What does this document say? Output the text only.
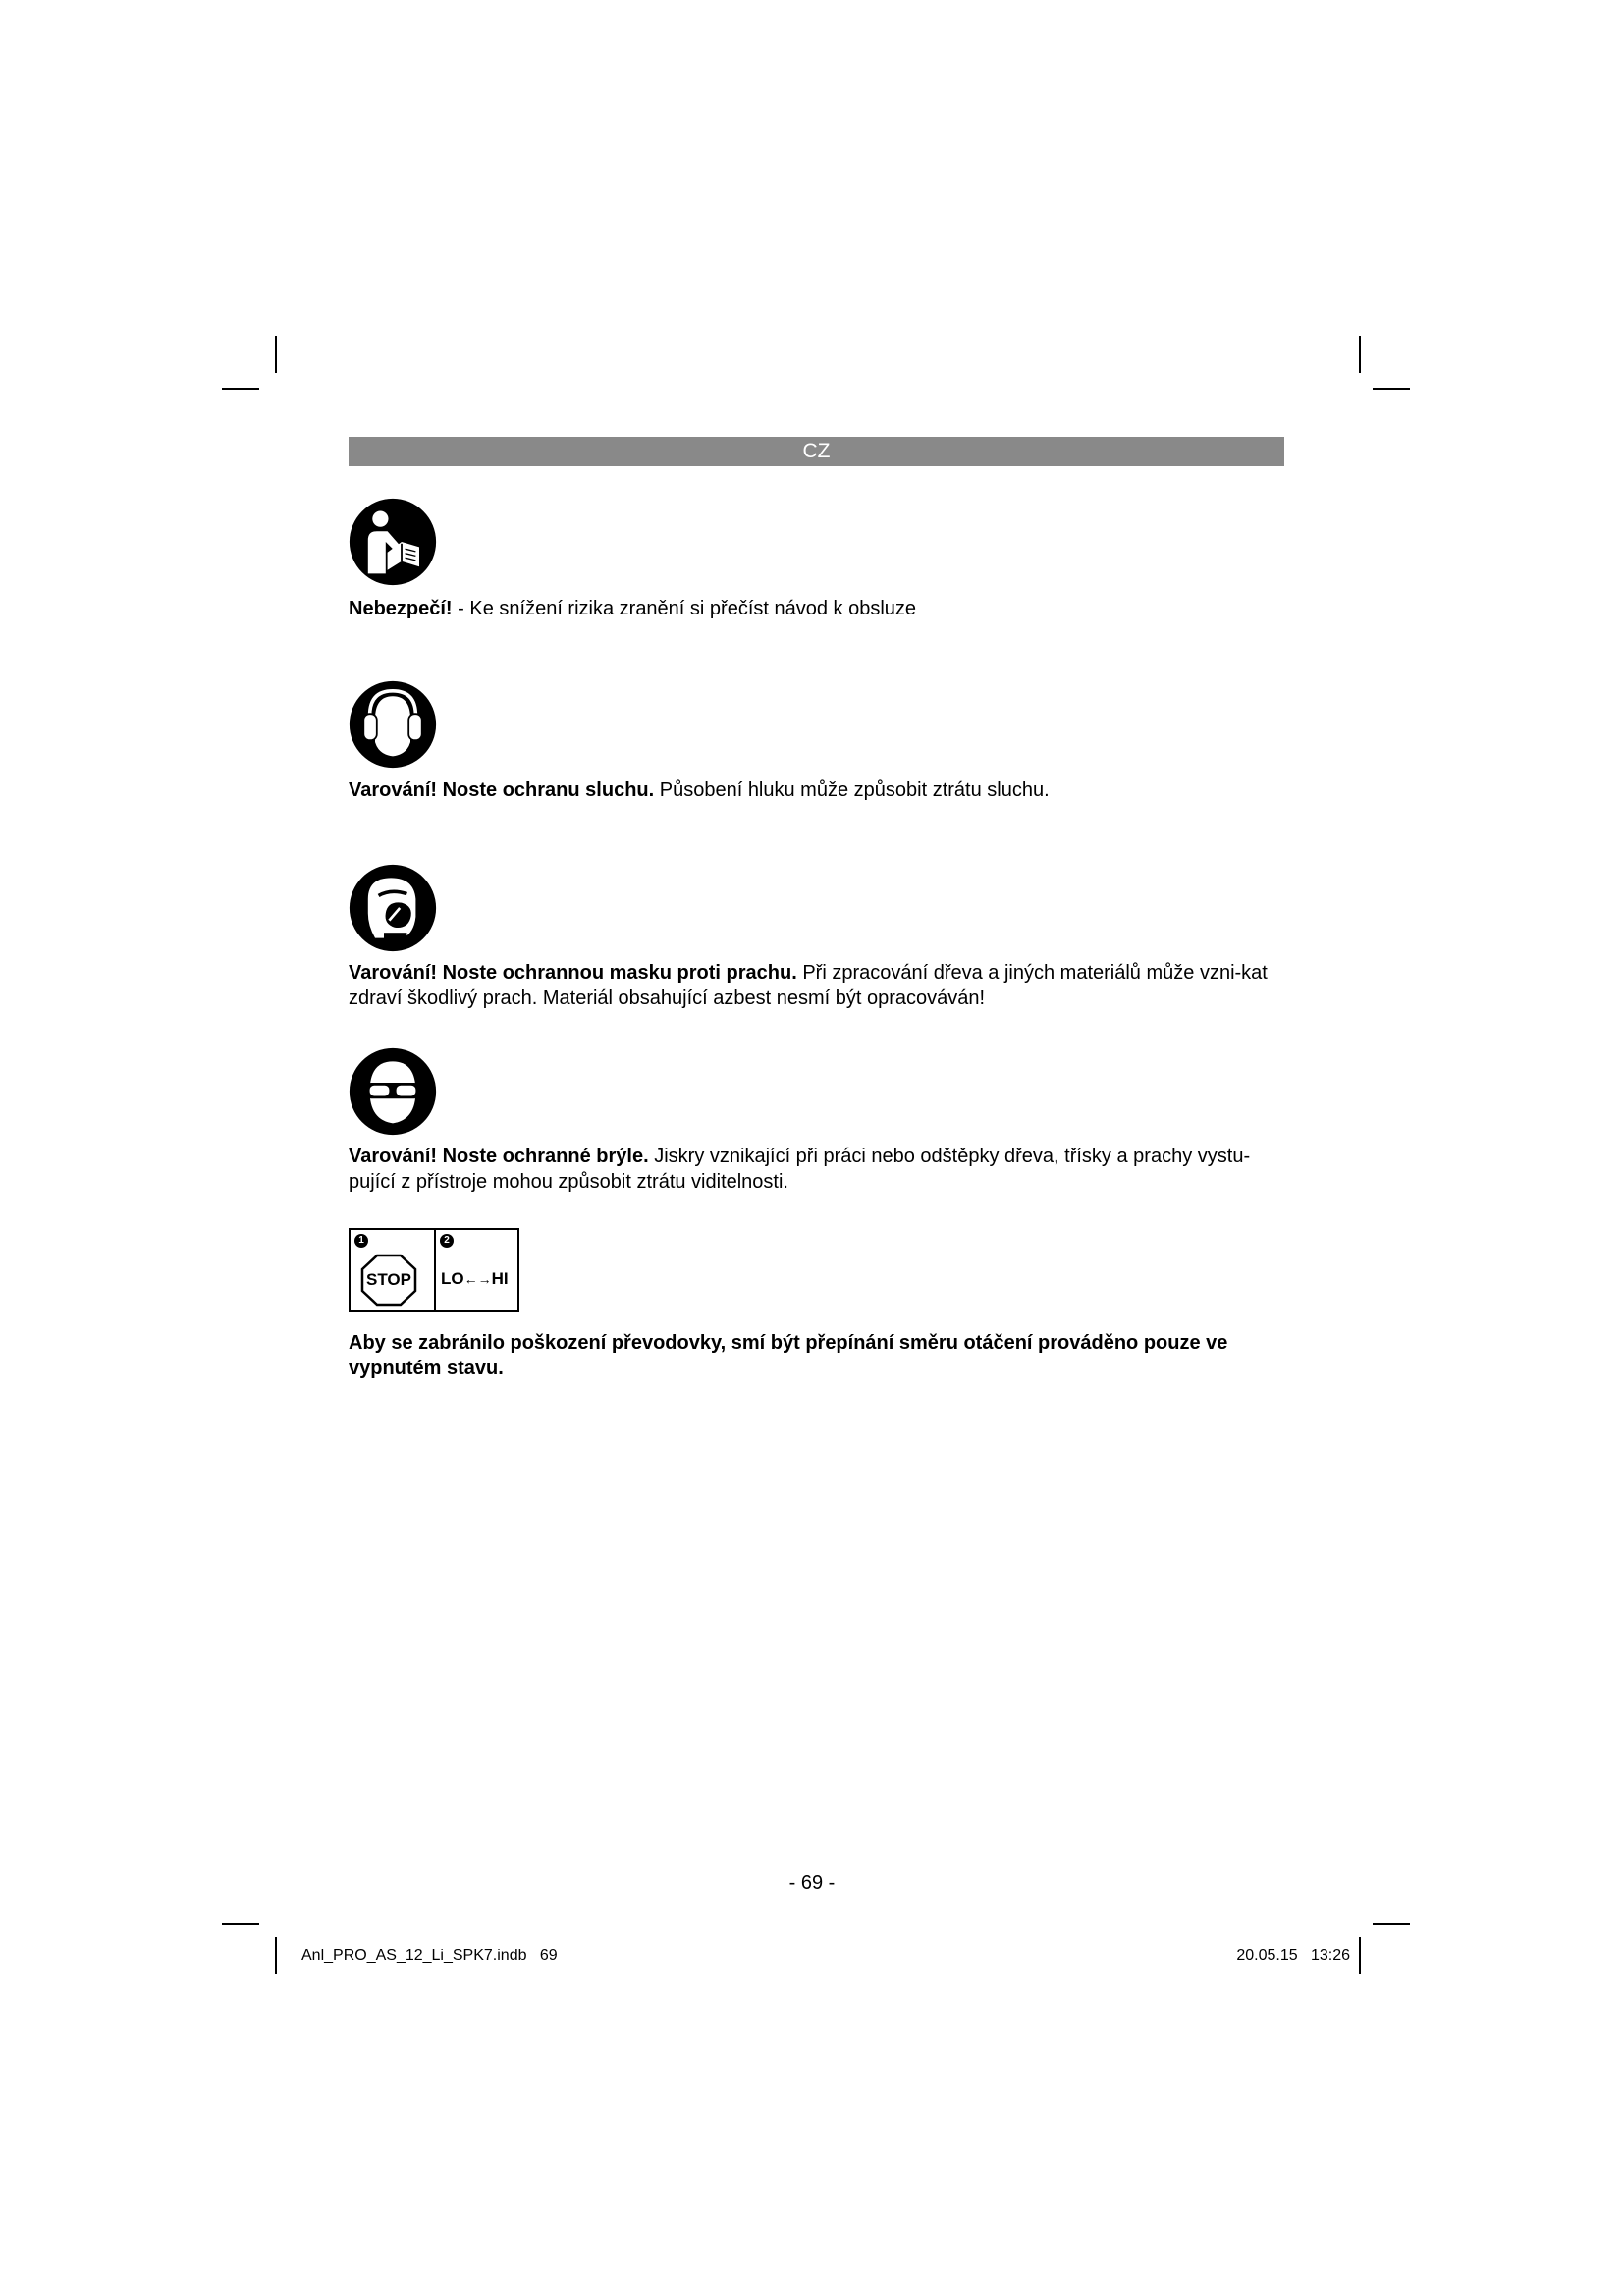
CZ

Nebezpečí! - Ke snížení rizika zranění si přečíst návod k obsluze

Varování! Noste ochranu sluchu. Působení hluku může způsobit ztrátu sluchu.

Varování! Noste ochrannou masku proti prachu. Při zpracování dřeva a jiných materiálů může vzni-kat zdraví škodlivý prach. Materiál obsahující azbest nesmí být opracováván!

Varování! Noste ochranné brýle. Jiskry vznikající při práci nebo odštěpky dřeva, třísky a prachy vystu-pující z přístroje mohou způsobit ztrátu viditelnosti.

1	2
STOP	LO←→HI

Aby se zabránilo poškození převodovky, smí být přepínání směru otáčení prováděno pouze ve vypnutém stavu.

- 69 -
Anl_PRO_AS_12_Li_SPK7.indb   69	20.05.15   13:26
